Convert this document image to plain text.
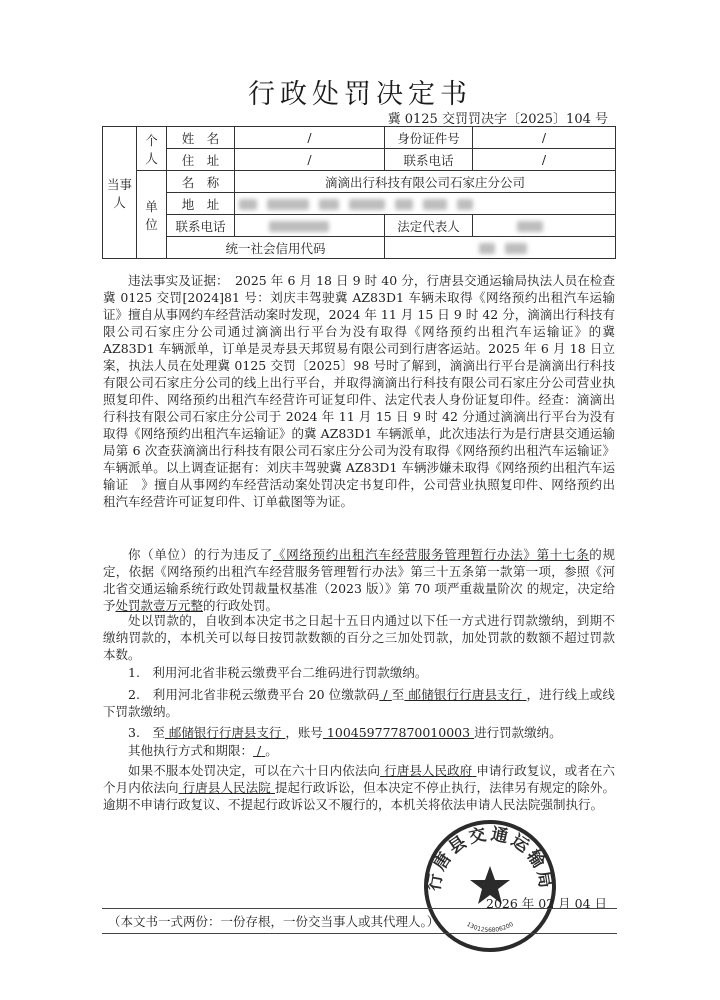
行政处罚决定书
冀 0125 交罚罚决字〔2025〕104 号
当事人	个人	姓　名	/	身份证件号	/
		住　址	/	联系电话	/
	单位	名　称	滴滴出行科技有限公司石家庄分公司		
		地　址			

		联系电话		法定代表人	
		统一社会信用代码			
违法事实及证据：　2025 年 6 月 18 日 9 时 40 分，行唐县交通运输局执法人员在检查冀 0125 交罚[2024]81 号：刘庆丰驾驶冀 AZ83D1 车辆未取得《网络预约出租汽车运输证》擅自从事网约车经营活动案时发现，2024 年 11 月 15 日 9 时 42 分，滴滴出行科技有限公司石家庄分公司通过滴滴出行平台为没有取得《网络预约出租汽车运输证》的冀 AZ83D1 车辆派单，订单是灵寿县天邦贸易有限公司到行唐客运站。2025 年 6 月 18 日立案，执法人员在处理冀 0125 交罚〔2025〕98 号时了解到，滴滴出行平台是滴滴出行科技有限公司石家庄分公司的线上出行平台，并取得滴滴出行科技有限公司石家庄分公司营业执照复印件、网络预约出租汽车经营许可证复印件、法定代表人身份证复印件。经查：滴滴出行科技有限公司石家庄分公司于 2024 年 11 月 15 日 9 时 42 分通过滴滴出行平台为没有取得《网络预约出租汽车运输证》的冀 AZ83D1 车辆派单，此次违法行为是行唐县交通运输局第 6 次查获滴滴出行科技有限公司石家庄分公司为没有取得《网络预约出租汽车运输证》车辆派单。以上调查证据有：刘庆丰驾驶冀 AZ83D1 车辆涉嫌未取得《网络预约出租汽车运输证　》擅自从事网约车经营活动案处罚决定书复印件，公司营业执照复印件、网络预约出租汽车经营许可证复印件、订单截图等为证。
你（单位）的行为违反了《网络预约出租汽车经营服务管理暂行办法》第十七条的规定，依据《网络预约出租汽车经营服务管理暂行办法》第三十五条第一款第一项，参照《河北省交通运输系统行政处罚裁量权基准（2023 版）》第 70 项严重裁量阶次 的规定，决定给予处罚款壹万元整的行政处罚。
处以罚款的，自收到本决定书之日起十五日内通过以下任一方式进行罚款缴纳，到期不缴纳罚款的，本机关可以每日按罚款数额的百分之三加处罚款，加处罚款的数额不超过罚款本数。
1.　利用河北省非税云缴费平台二维码进行罚款缴纳。
2.　利用河北省非税云缴费平台 20 位缴款码 / 至 邮储银行行唐县支行 ，进行线上或线下罚款缴纳。
3.　至 邮储银行行唐县支行 ，账号 100459777870010003 进行罚款缴纳。
其他执行方式和期限： / 。
如果不服本处罚决定，可以在六十日内依法向 行唐县人民政府 申请行政复议，或者在六个月内依法向 行唐县人民法院 提起行政诉讼，但本决定不停止执行，法律另有规定的除外。逾期不申请行政复议、不提起行政诉讼又不履行的，本机关将依法申请人民法院强制执行。
行唐县交通运输局
1301256806200
2026 年 02 月 04 日
（本文书一式两份：一份存根，一份交当事人或其代理人。）
